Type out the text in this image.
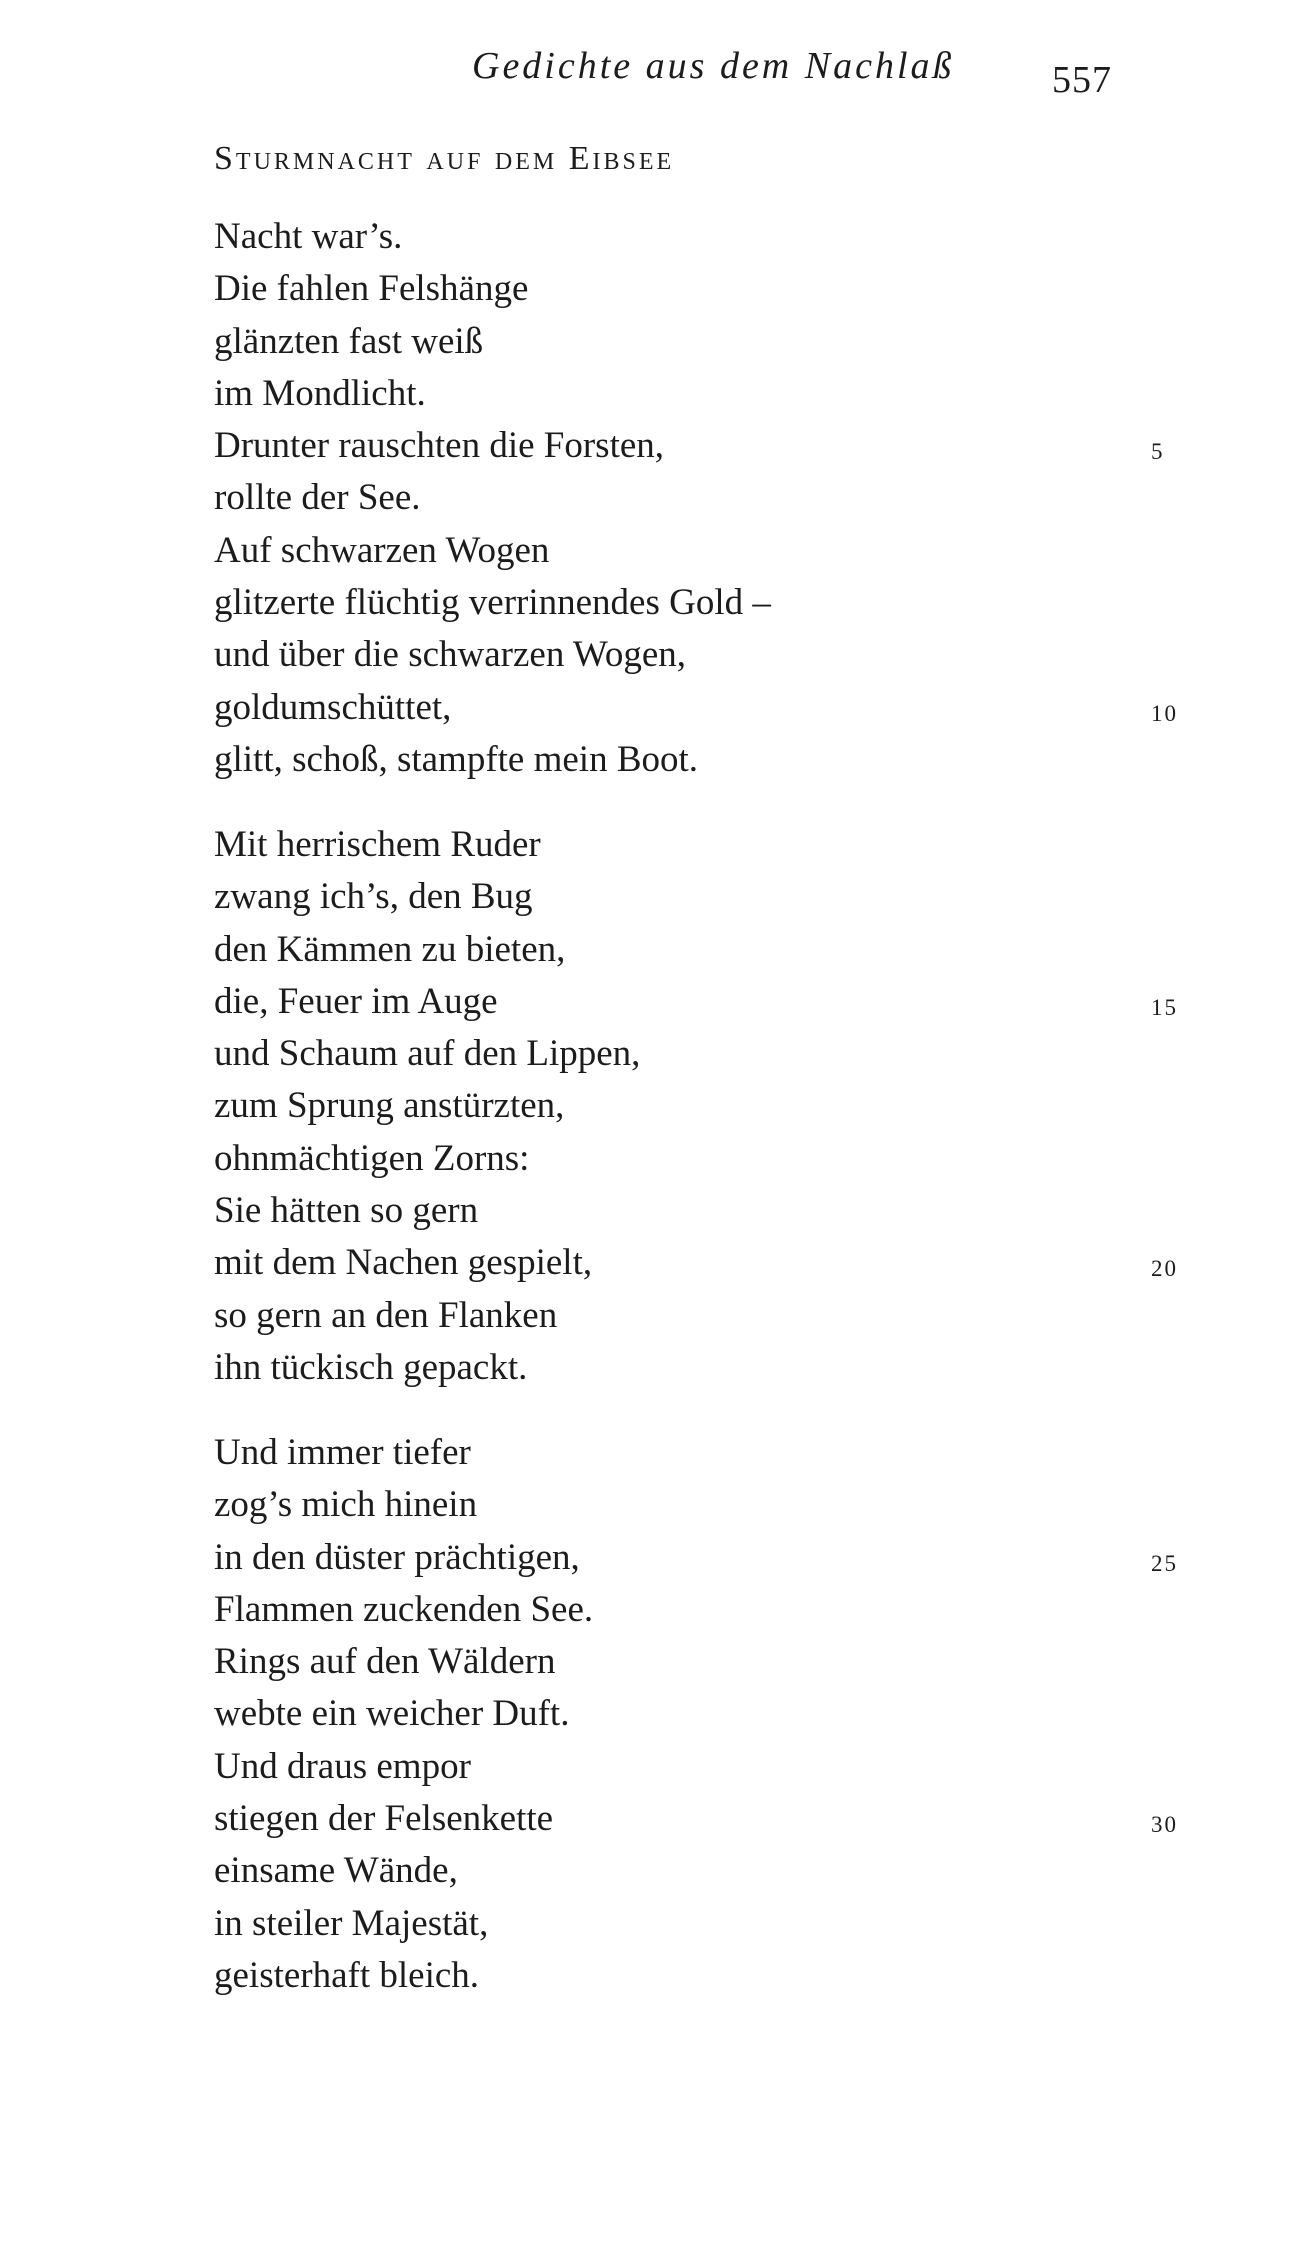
Gedichte aus dem Nachlaß	557
Sturmnacht auf dem Eibsee
Nacht war’s.
Die fahlen Felshänge
glänzten fast weiß
im Mondlicht.
Drunter rauschten die Forsten,	5
rollte der See.
Auf schwarzen Wogen
glitzerte flüchtig verrinnendes Gold –
und über die schwarzen Wogen,
goldumschüttet,	10
glitt, schoß, stampfte mein Boot.
Mit herrischem Ruder
zwang ich’s, den Bug
den Kämmen zu bieten,
die, Feuer im Auge	15
und Schaum auf den Lippen,
zum Sprung anstürzten,
ohnmächtigen Zorns:
Sie hätten so gern
mit dem Nachen gespielt,	20
so gern an den Flanken
ihn tückisch gepackt.
Und immer tiefer
zog’s mich hinein
in den düster prächtigen,	25
Flammen zuckenden See.
Rings auf den Wäldern
webte ein weicher Duft.
Und draus empor
stiegen der Felsenkette	30
einsame Wände,
in steiler Majestät,
geisterhaft bleich.
